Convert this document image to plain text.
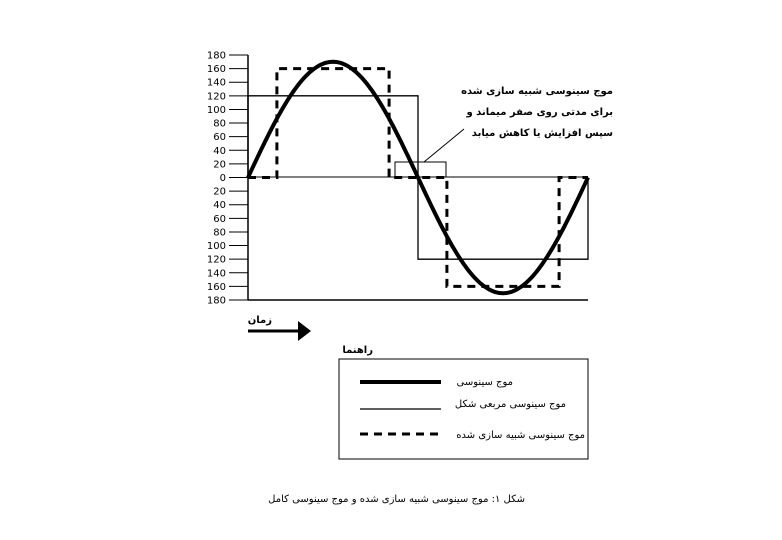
180
160
140
120
100
80
60
40
20
0
20
40
60
80
100
120
140
160
180
موج سینوسی شبیه سازی شده
برای مدتی روی صفر میماند و
سپس افزایش یا کاهش میابد
زمان
راهنما
موج سینوسی
موج سینوسی مربعی شکل
موج سینوسی شبیه سازی شده
شکل ۱: موج سینوسی شبیه سازی شده و موج سینوسی کامل
